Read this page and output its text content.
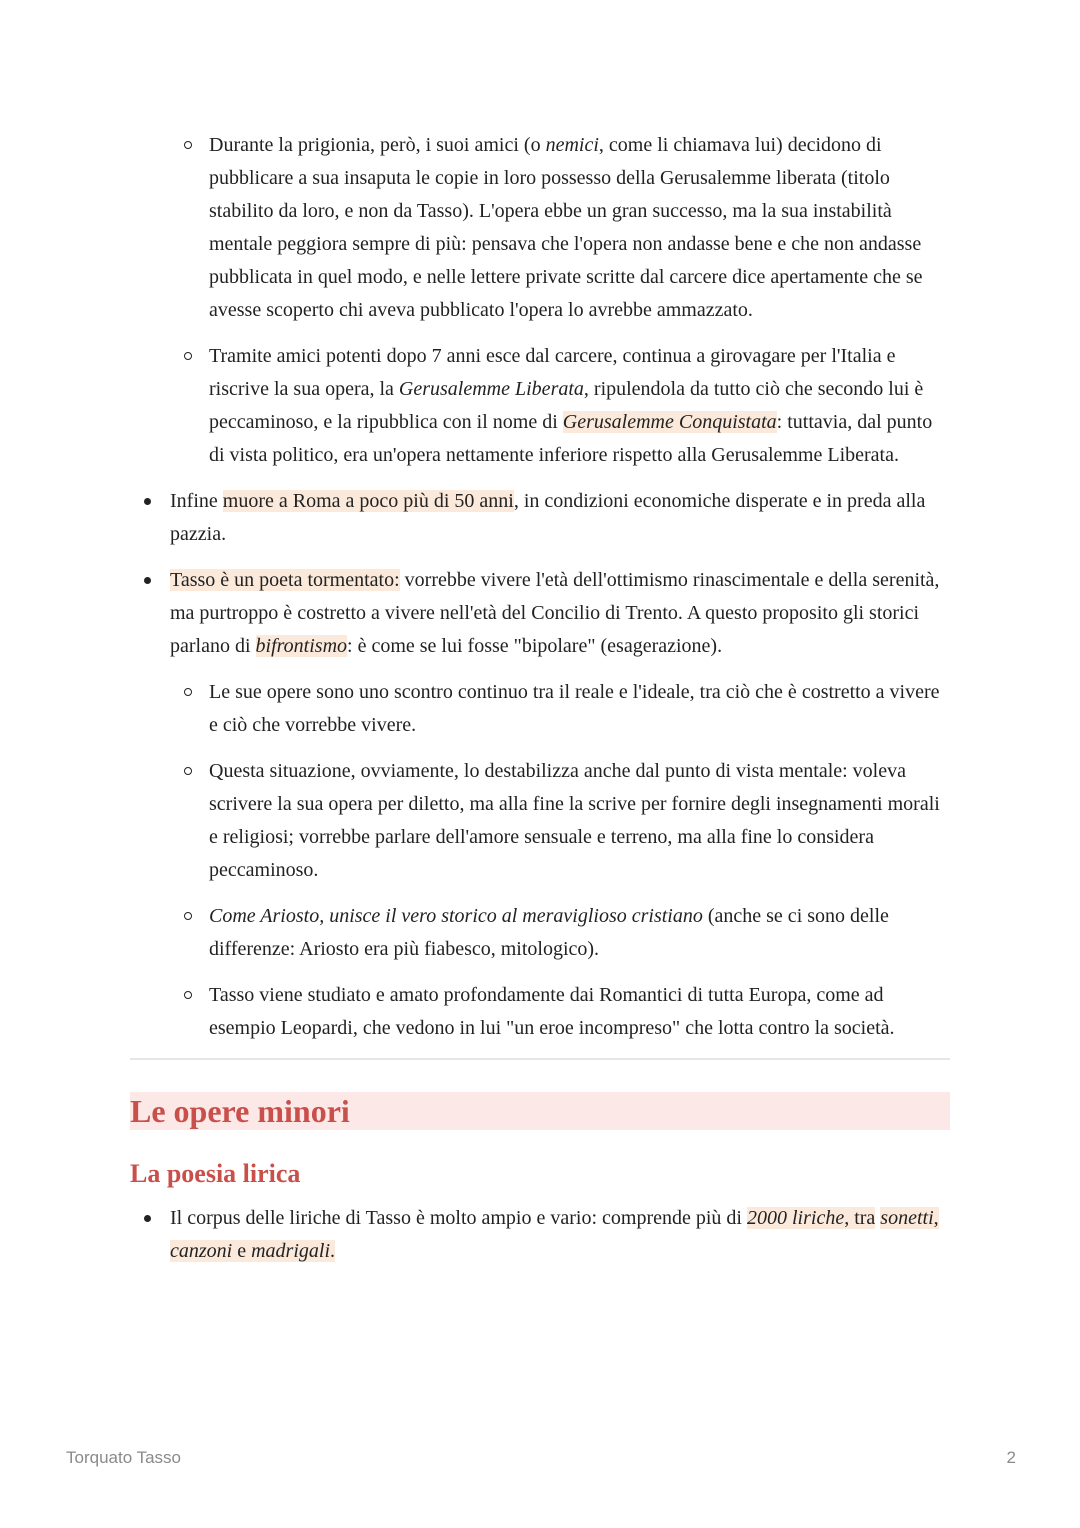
Durante la prigionia, però, i suoi amici (o nemici, come li chiamava lui) decidono di pubblicare a sua insaputa le copie in loro possesso della Gerusalemme liberata (titolo stabilito da loro, e non da Tasso). L'opera ebbe un gran successo, ma la sua instabilità mentale peggiora sempre di più: pensava che l'opera non andasse bene e che non andasse pubblicata in quel modo, e nelle lettere private scritte dal carcere dice apertamente che se avesse scoperto chi aveva pubblicato l'opera lo avrebbe ammazzato.
Tramite amici potenti dopo 7 anni esce dal carcere, continua a girovagare per l'Italia e riscrive la sua opera, la Gerusalemme Liberata, ripulendola da tutto ciò che secondo lui è peccaminoso, e la ripubblica con il nome di Gerusalemme Conquistata: tuttavia, dal punto di vista politico, era un'opera nettamente inferiore rispetto alla Gerusalemme Liberata.
Infine muore a Roma a poco più di 50 anni, in condizioni economiche disperate e in preda alla pazzia.
Tasso è un poeta tormentato: vorrebbe vivere l'età dell'ottimismo rinascimentale e della serenità, ma purtroppo è costretto a vivere nell'età del Concilio di Trento. A questo proposito gli storici parlano di bifrontismo: è come se lui fosse "bipolare" (esagerazione).
Le sue opere sono uno scontro continuo tra il reale e l'ideale, tra ciò che è costretto a vivere e ciò che vorrebbe vivere.
Questa situazione, ovviamente, lo destabilizza anche dal punto di vista mentale: voleva scrivere la sua opera per diletto, ma alla fine la scrive per fornire degli insegnamenti morali e religiosi; vorrebbe parlare dell'amore sensuale e terreno, ma alla fine lo considera peccaminoso.
Come Ariosto, unisce il vero storico al meraviglioso cristiano (anche se ci sono delle differenze: Ariosto era più fiabesco, mitologico).
Tasso viene studiato e amato profondamente dai Romantici di tutta Europa, come ad esempio Leopardi, che vedono in lui "un eroe incompreso" che lotta contro la società.
Le opere minori
La poesia lirica
Il corpus delle liriche di Tasso è molto ampio e vario: comprende più di 2000 liriche, tra sonetti, canzoni e madrigali.
Torquato Tasso	2
